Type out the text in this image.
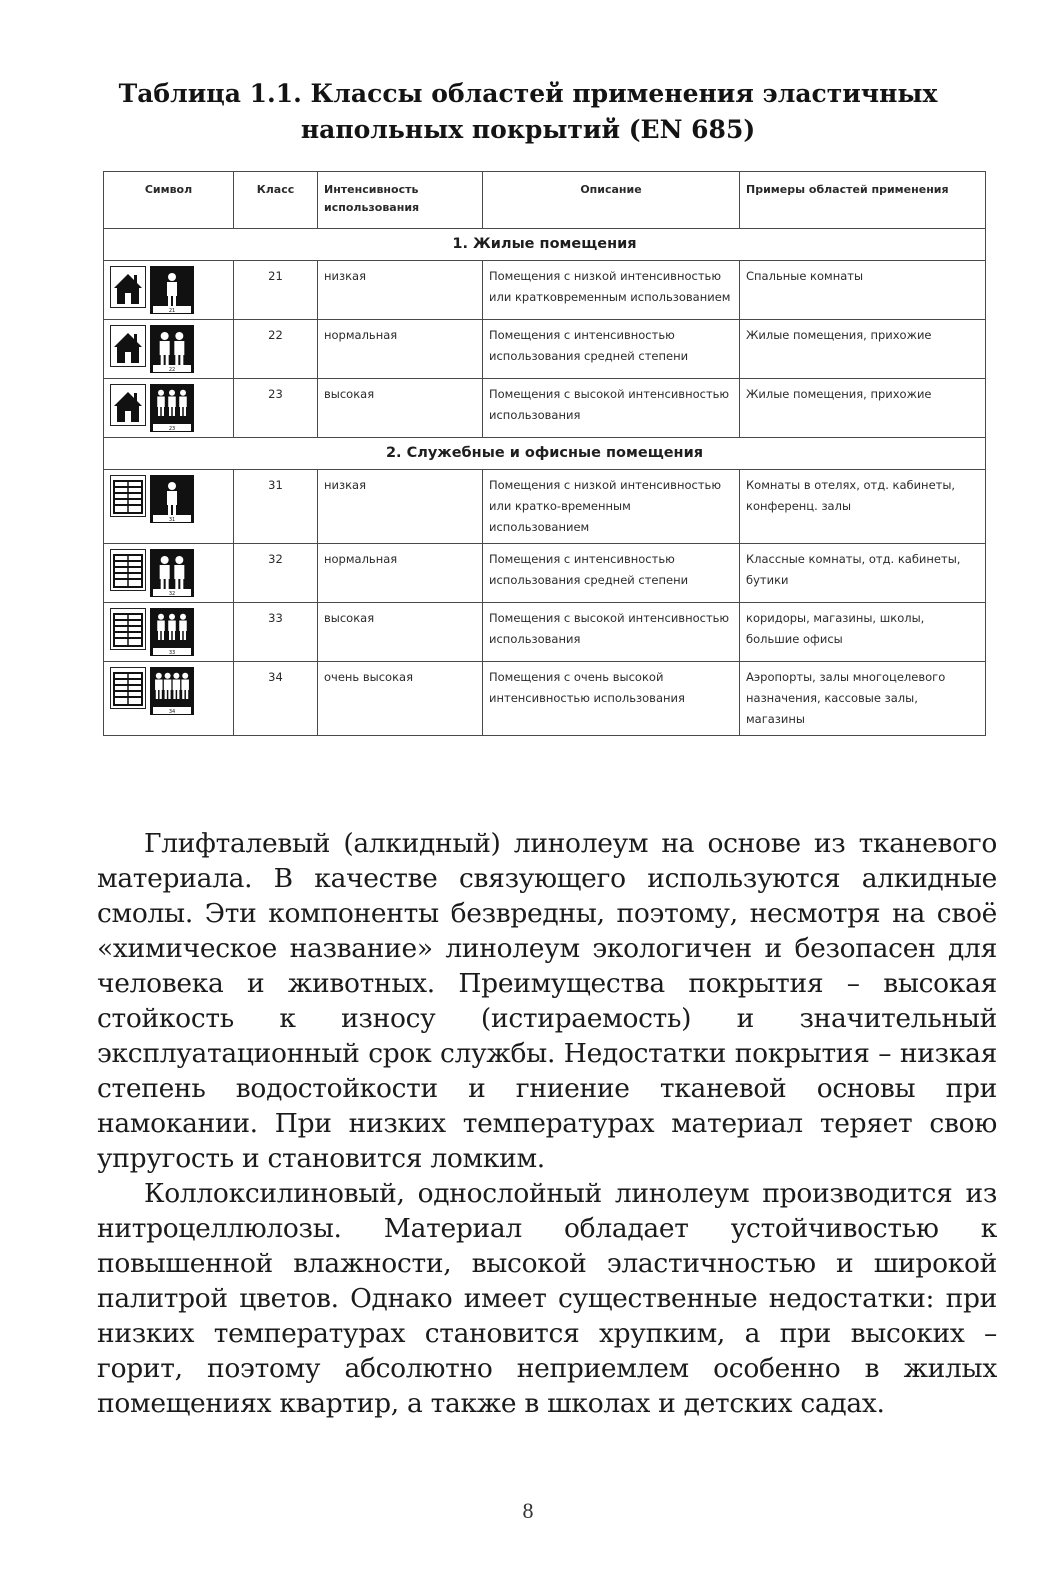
Таблица 1.1. Классы областей применения эластичных
напольных покрытий (EN 685)
Символ	Класс	Интенсивность использования	Описание	Примеры областей применения
1. Жилые помещения				

21	21	низкая	Помещения с низкой интенсивностью или кратковременным использованием	Спальные комнаты

22	22	нормальная	Помещения с интенсивностью использования средней степени	Жилые помещения, прихожие

23	23	высокая	Помещения с высокой интенсивностью использования	Жилые помещения, прихожие
2. Служебные и офисные помещения				

31	31	низкая	Помещения с низкой интенсивностью или кратко-временным использованием	Комнаты в отелях, отд. кабинеты, конференц. залы

32	32	нормальная	Помещения с интенсивностью использования средней степени	Классные комнаты, отд. кабинеты, бутики

33	33	высокая	Помещения с высокой интенсивностью использования	коридоры, магазины, школы, большие офисы

34	34	очень высокая	Помещения с очень высокой интенсивностью использования	Аэропорты, залы многоцелевого назначения, кассовые залы, магазины

Глифталевый (алкидный) линолеум на основе из тканевого материала. В качестве связующего используются алкидные смолы. Эти компоненты безвредны, поэтому, несмотря на своё «химическое название» линолеум экологичен и безопасен для человека и животных. Преимущества покрытия – высокая стойкость к износу (истираемость) и значительный эксплуатационный срок службы. Недостатки покрытия – низкая степень водостойкости и гниение тканевой основы при намокании. При низких температурах материал теряет свою упругость и становится ломким.

Коллоксилиновый, однослойный линолеум производится из нитроцеллюлозы. Материал обладает устойчивостью к повышенной влажности, высокой эластичностью и широкой палитрой цветов. Однако имеет существенные недостатки: при низких температурах становится хрупким, а при высоких – горит, поэтому абсолютно неприемлем особенно в жилых помещениях квартир, а также в школах и детских садах.

8
